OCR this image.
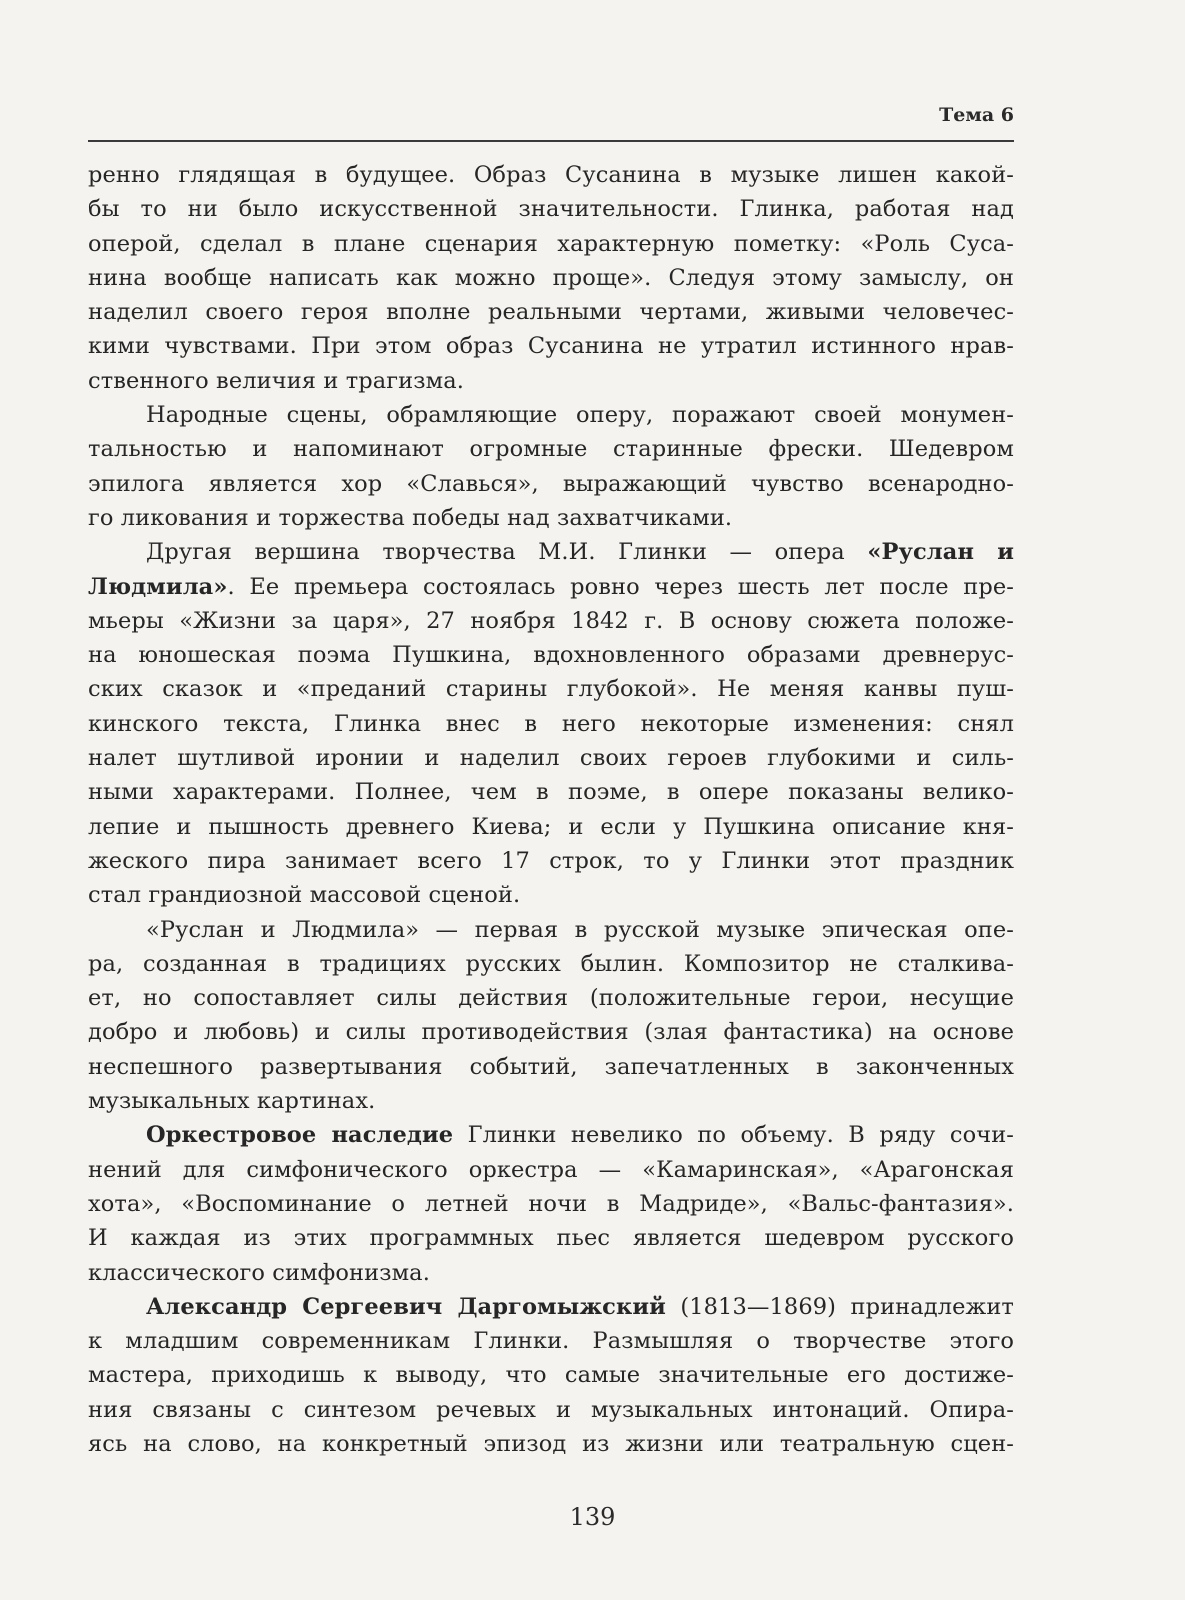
Тема 6
ренно глядящая в будущее. Образ Сусанина в музыке лишен какой-
бы то ни было искусственной значительности. Глинка, работая над
оперой, сделал в плане сценария характерную пометку: «Роль Суса-
нина вообще написать как можно проще». Следуя этому замыслу, он
наделил своего героя вполне реальными чертами, живыми человечес-
кими чувствами. При этом образ Сусанина не утратил истинного нрав-
ственного величия и трагизма.
Народные сцены, обрамляющие оперу, поражают своей монумен-
тальностью и напоминают огромные старинные фрески. Шедевром
эпилога является хор «Славься», выражающий чувство всенародно-
го ликования и торжества победы над захватчиками.
Другая вершина творчества М.И. Глинки — опера «Руслан и
Людмила». Ее премьера состоялась ровно через шесть лет после пре-
мьеры «Жизни за царя», 27 ноября 1842 г. В основу сюжета положе-
на юношеская поэма Пушкина, вдохновленного образами древнерус-
ских сказок и «преданий старины глубокой». Не меняя канвы пуш-
кинского текста, Глинка внес в него некоторые изменения: снял
налет шутливой иронии и наделил своих героев глубокими и силь-
ными характерами. Полнее, чем в поэме, в опере показаны велико-
лепие и пышность древнего Киева; и если у Пушкина описание кня-
жеского пира занимает всего 17 строк, то у Глинки этот праздник
стал грандиозной массовой сценой.
«Руслан и Людмила» — первая в русской музыке эпическая опе-
ра, созданная в традициях русских былин. Композитор не сталкива-
ет, но сопоставляет силы действия (положительные герои, несущие
добро и любовь) и силы противодействия (злая фантастика) на основе
неспешного развертывания событий, запечатленных в законченных
музыкальных картинах.
Оркестровое наследие Глинки невелико по объему. В ряду сочи-
нений для симфонического оркестра — «Камаринская», «Арагонская
хота», «Воспоминание о летней ночи в Мадриде», «Вальс-фантазия».
И каждая из этих программных пьес является шедевром русского
классического симфонизма.
Александр Сергеевич Даргомыжский (1813—1869) принадлежит
к младшим современникам Глинки. Размышляя о творчестве этого
мастера, приходишь к выводу, что самые значительные его достиже-
ния связаны с синтезом речевых и музыкальных интонаций. Опира-
ясь на слово, на конкретный эпизод из жизни или театральную сцен-
139
